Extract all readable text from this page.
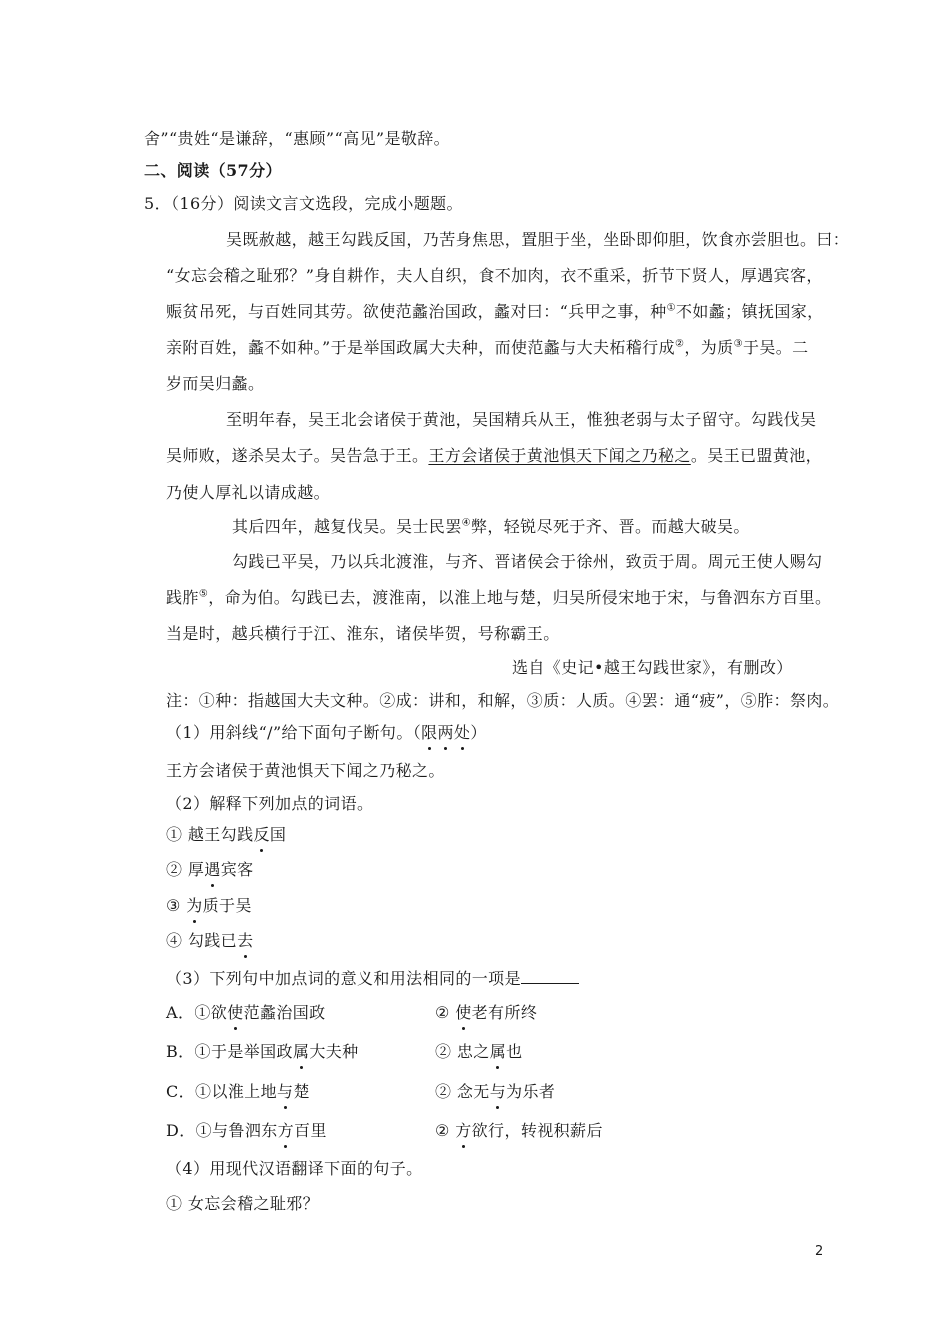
舍”“贵姓“是谦辞，“惠顾”“高见”是敬辞。
二、阅读（57分）
5．（16分）阅读文言文选段，完成小题题。
吴既赦越，越王勾践反国，乃苦身焦思，置胆于坐，坐卧即仰胆，饮食亦尝胆也。曰：
“女忘会稽之耻邪？”身自耕作，夫人自织，食不加肉，衣不重采，折节下贤人，厚遇宾客，
赈贫吊死，与百姓同其劳。欲使范蠡治国政，蠡对曰：“兵甲之事，种①不如蠡；镇抚国家，
亲附百姓，蠡不如种。”于是举国政属大夫种，而使范蠡与大夫柘稽行成②，为质③于吴。二
岁而吴归蠡。
至明年春，吴王北会诸侯于黄池，吴国精兵从王，惟独老弱与太子留守。勾践伐吴
吴师败，遂杀吴太子。吴告急于王。王方会诸侯于黄池惧天下闻之乃秘之。吴王已盟黄池，
乃使人厚礼以请成越。
其后四年，越复伐吴。吴士民罢④弊，轻锐尽死于齐、晋。而越大破吴。
勾践已平吴，乃以兵北渡淮，与齐、晋诸侯会于徐州，致贡于周。周元王使人赐勾
践胙⑤，命为伯。勾践已去，渡淮南，以淮上地与楚，归吴所侵宋地于宋，与鲁泗东方百里。
当是时，越兵横行于江、淮东，诸侯毕贺，号称霸王。
选自《史记•越王勾践世家》，有删改）
注：①种：指越国大夫文种。②成：讲和，和解，③质：人质。④罢：通“疲”，⑤胙：祭肉。
（1）用斜线“/”给下面句子断句。（限两处）
王方会诸侯于黄池惧天下闻之乃秘之。
（2）解释下列加点的词语。
① 越王勾践反国
② 厚遇宾客
③ 为质于吴
④ 勾践已去
（3）下列句中加点词的意义和用法相同的一项是
A．①欲使范蠡治国政	② 使老有所终
B．①于是举国政属大夫种	② 忠之属也
C．①以淮上地与楚	② 念无与为乐者
D．①与鲁泗东方百里	② 方欲行，转视积薪后
（4）用现代汉语翻译下面的句子。
① 女忘会稽之耻邪？
2
